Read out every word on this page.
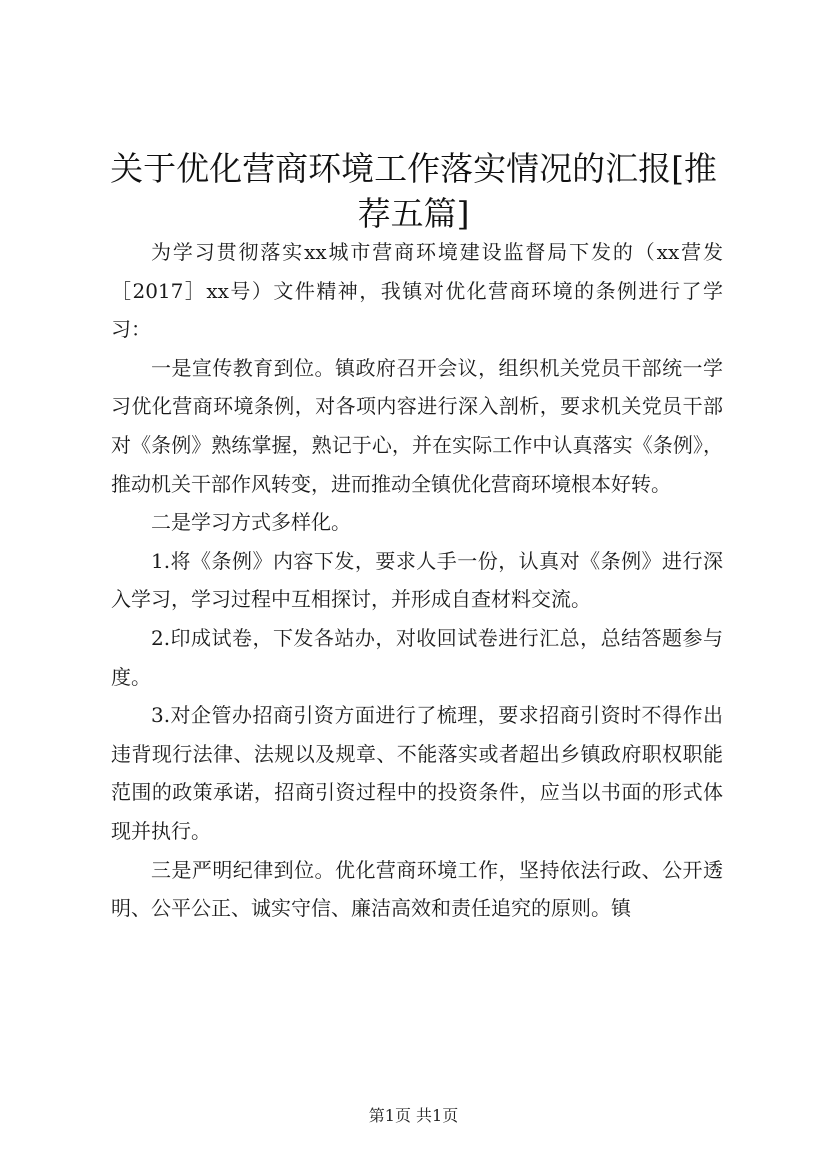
关于优化营商环境工作落实情况的汇报[推荐五篇]

为学习贯彻落实xx城市营商环境建设监督局下发的（xx营发［2017］xx号）文件精神，我镇对优化营商环境的条例进行了学习：

一是宣传教育到位。镇政府召开会议，组织机关党员干部统一学习优化营商环境条例，对各项内容进行深入剖析，要求机关党员干部对《条例》熟练掌握，熟记于心，并在实际工作中认真落实《条例》，推动机关干部作风转变，进而推动全镇优化营商环境根本好转。

二是学习方式多样化。

1.将《条例》内容下发，要求人手一份，认真对《条例》进行深入学习，学习过程中互相探讨，并形成自查材料交流。

2.印成试卷，下发各站办，对收回试卷进行汇总，总结答题参与度。

3.对企管办招商引资方面进行了梳理，要求招商引资时不得作出违背现行法律、法规以及规章、不能落实或者超出乡镇政府职权职能范围的政策承诺，招商引资过程中的投资条件，应当以书面的形式体现并执行。

三是严明纪律到位。优化营商环境工作，坚持依法行政、公开透明、公平公正、诚实守信、廉洁高效和责任追究的原则。镇

第1页 共1页
